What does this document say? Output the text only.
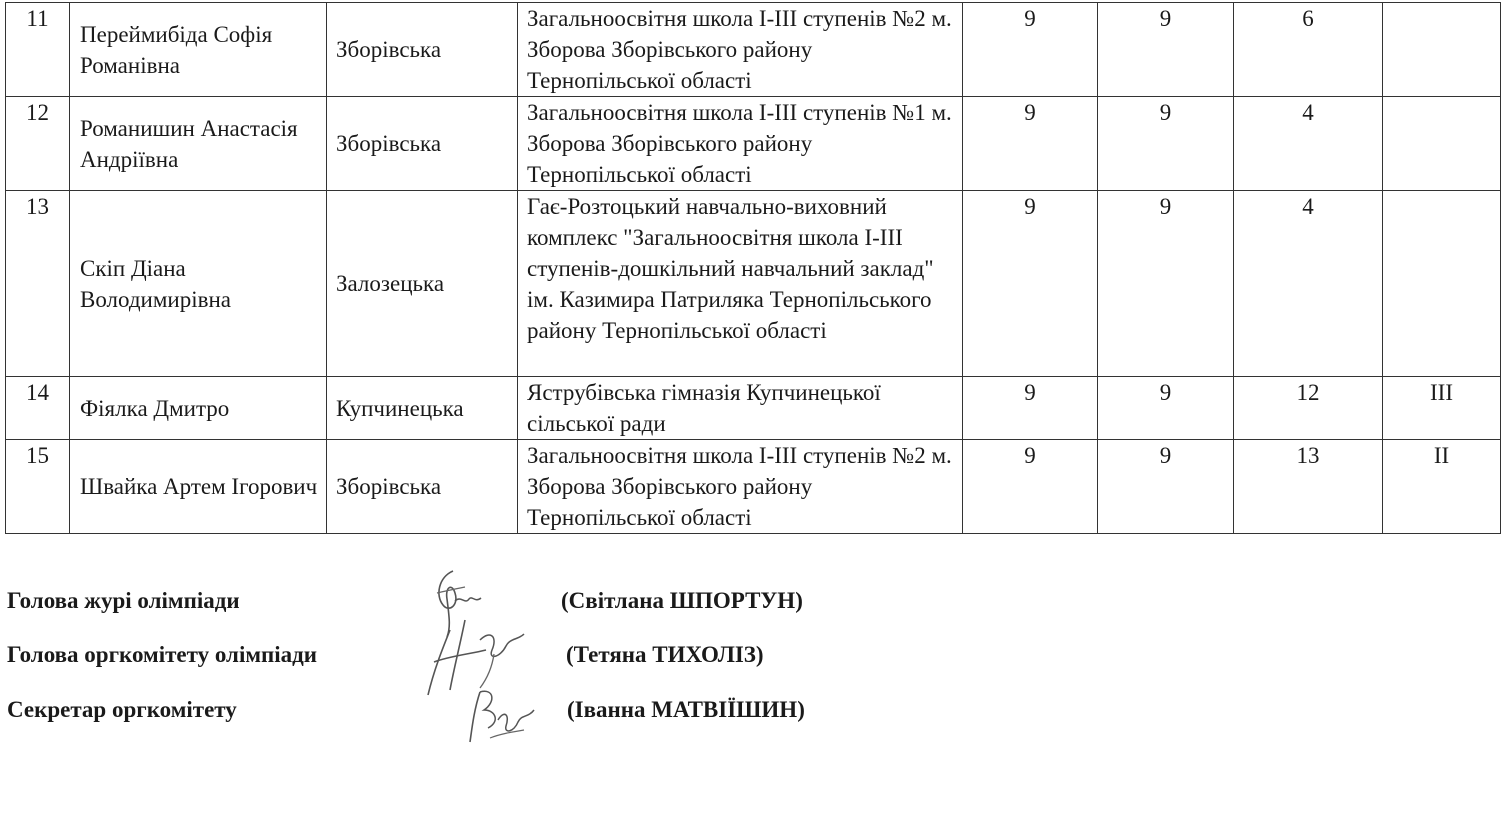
11	Переймибіда Софія Романівна	Зборівська	Загальноосвітня школа І-ІІІ ступенів №2 м. Зборова Зборівського району Тернопільської області	9	9	6	
12	Романишин Анастасія Андріївна	Зборівська	Загальноосвітня школа І-ІІІ ступенів №1 м. Зборова Зборівського району Тернопільської області	9	9	4	
13	Скіп Діана Володимирівна	Залозецька	Гає-Розтоцький навчально-виховний комплекс "Загальноосвітня школа І-ІІІ ступенів-дошкільний навчальний заклад" ім. Казимира Патриляка Тернопільського району Тернопільської області	9	9	4	
14	Фіялка Дмитро	Купчинецька	Яструбівська гімназія Купчинецької сільської ради	9	9	12	ІІІ
15	Швайка Артем Ігорович	Зборівська	Загальноосвітня школа І-ІІІ ступенів №2 м. Зборова Зборівського району Тернопільської області	9	9	13	ІІ
Голова журі олімпіади	(Світлана ШПОРТУН)
Голова оргкомітету олімпіади	(Тетяна ТИХОЛІЗ)
Секретар оргкомітету	(Іванна МАТВІЇШИН)
